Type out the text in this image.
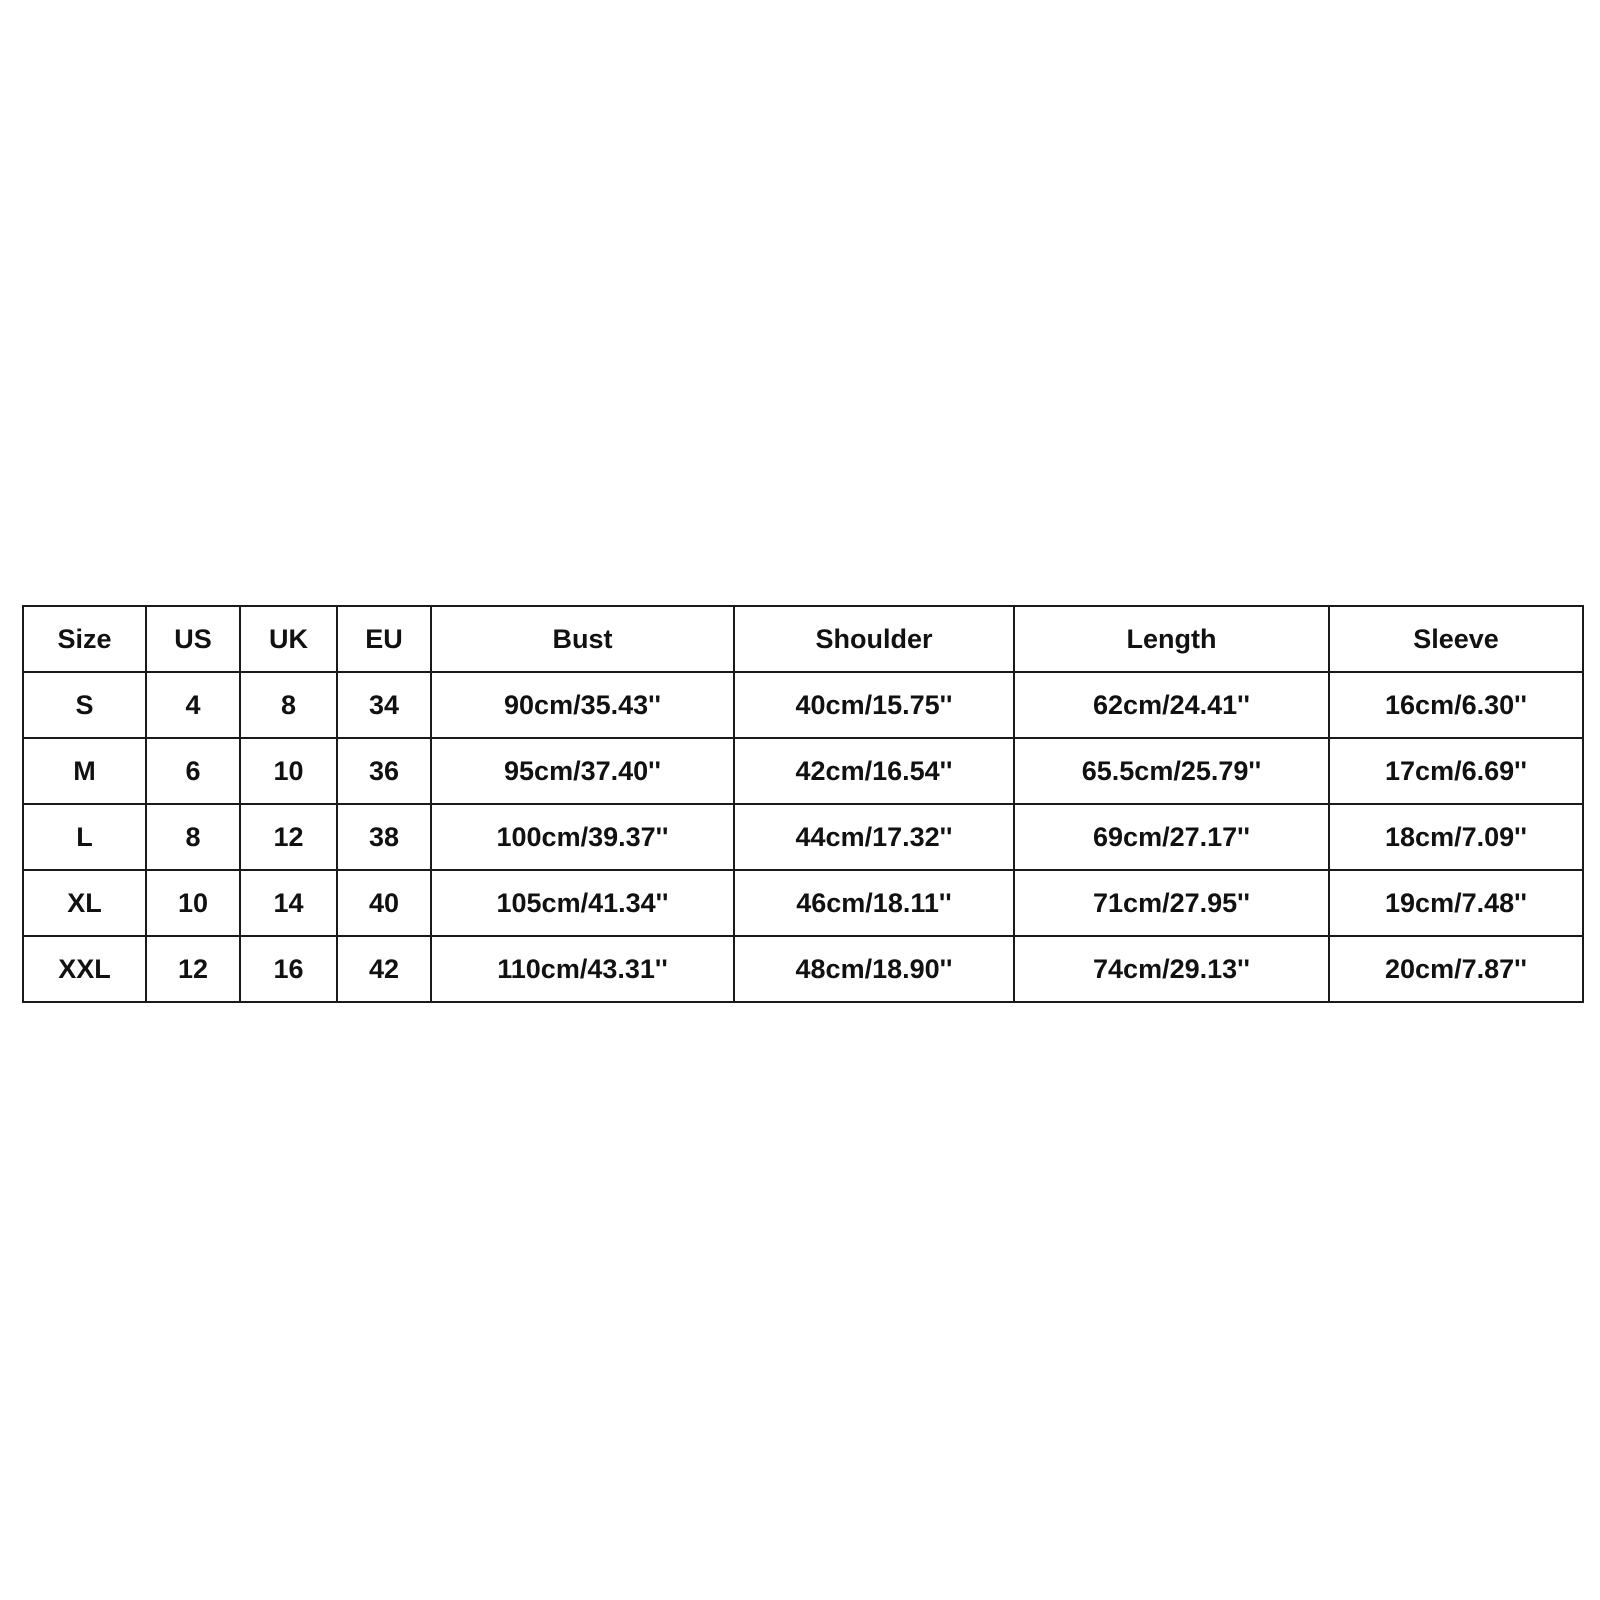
Size	US	UK	EU	Bust	Shoulder	Length	Sleeve
S	4	8	34	90cm/35.43''	40cm/15.75''	62cm/24.41''	16cm/6.30''
M	6	10	36	95cm/37.40''	42cm/16.54''	65.5cm/25.79''	17cm/6.69''
L	8	12	38	100cm/39.37''	44cm/17.32''	69cm/27.17''	18cm/7.09''
XL	10	14	40	105cm/41.34''	46cm/18.11''	71cm/27.95''	19cm/7.48''
XXL	12	16	42	110cm/43.31''	48cm/18.90''	74cm/29.13''	20cm/7.87''
